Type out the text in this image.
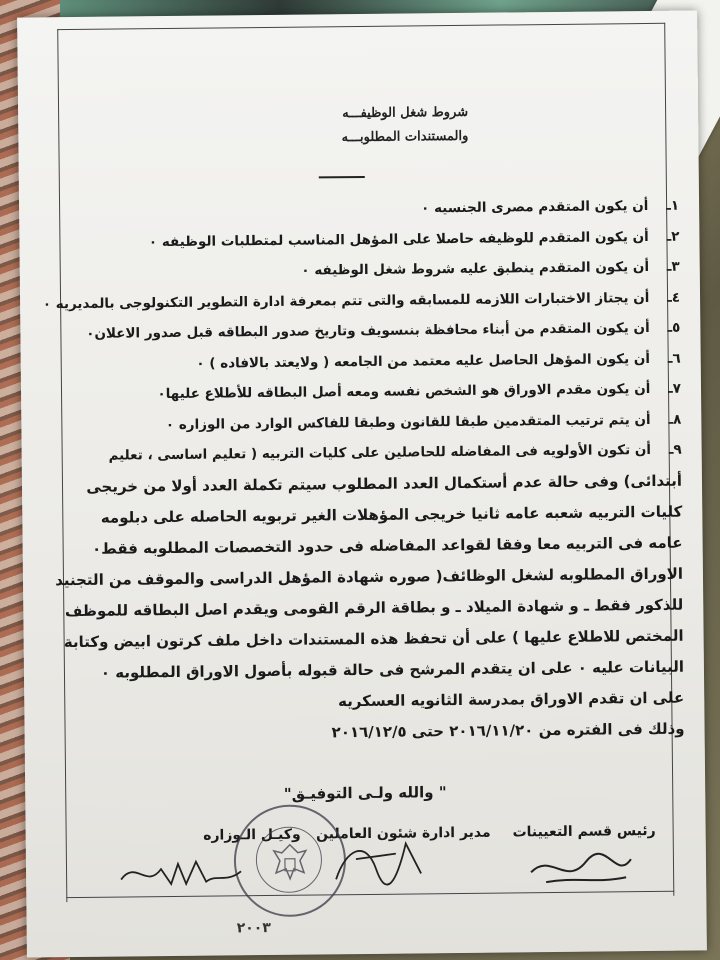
شروط شغل الوظيفـــه
والمستندات المطلوبـــه
١ـ أن يكون المتقدم مصرى الجنسيه ٠
٢ـ أن يكون المتقدم للوظيفه حاصلا على المؤهل المناسب لمتطلبات الوظيفه ٠
٣ـ أن يكون المتقدم ينطبق عليه شروط شغل الوظيفه ٠
٤ـ أن يجتاز الاختبارات اللازمه للمسابقه والتى تتم بمعرفة ادارة التطوير التكنولوجى بالمديريه ٠
٥ـ أن يكون المتقدم من أبناء محافظة بنىسويف وتاريخ صدور البطاقه قبل صدور الاعلان٠
٦ـ أن يكون المؤهل الحاصل عليه معتمد من الجامعه ( ولايعتد بالافاده ) ٠
٧ـ أن يكون مقدم الاوراق هو الشخص نفسه ومعه أصل البطاقه للأطلاع عليها٠
٨ـ أن يتم ترتيب المتقدمين طبقا للقانون وطبقا للفاكس الوارد من الوزاره ٠
٩ـ أن تكون الأولويه فى المفاضله للحاصلين على كليات التربيه ( تعليم اساسى ، تعليم
أبتدائى) وفى حالة عدم أستكمال العدد المطلوب سيتم تكملة العدد أولا من خريجى
كليات التربيه شعبه عامه ثانيا خريجى المؤهلات الغير تربويه الحاصله على دبلومه
عامه فى التربيه معا وفقا لقواعد المفاضله فى حدود التخصصات المطلوبه فقط٠
الاوراق المطلوبه لشغل الوظائف( صوره شهادة المؤهل الدراسى والموقف من التجنيد
للذكور فقط ـ و شهادة الميلاد ـ و بطاقة الرقم القومى ويقدم اصل البطاقه للموظف
المختص للاطلاع عليها ) على أن تحفظ هذه المستندات داخل ملف كرتون ابيض وكتابة
البيانات عليه ٠ على ان يتقدم المرشح فى حالة قبوله بأصول الاوراق المطلوبه ٠
على ان تقدم الاوراق بمدرسة الثانويه العسكريه
وذلك فى الفتره من ٢٠١٦/١١/٢٠ حتى ٢٠١٦/١٢/٥
" والله ولـى التوفيـق"
رئيس قسم التعيينات
مدير ادارة شئون العاملين
وكيـل الـوزاره
٢٠٠٣
